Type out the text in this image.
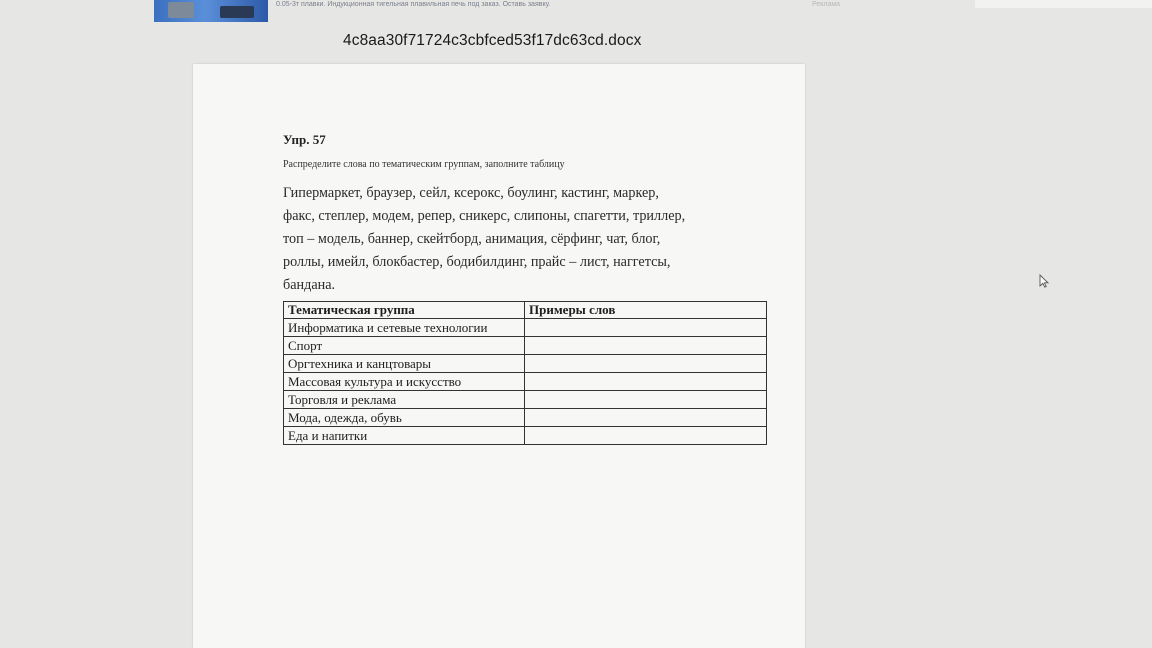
0.05-3т плавки. Индукционная тигельная плавильная печь под заказ. Оставь заявку.	Реклама
4c8aa30f71724c3cbfced53f17dc63cd.docx
Упр. 57
Распределите слова по тематическим группам, заполните таблицу
Гипермаркет, браузер, сейл, ксерокс, боулинг, кастинг, маркер,
факс, степлер, модем, репер, сникерс, слипоны, спагетти, триллер,
топ – модель, баннер, скейтборд, анимация, сёрфинг, чат, блог,
роллы, имейл, блокбастер, бодибилдинг, прайс – лист, наггетсы,
бандана.
Тематическая группа	Примеры слов
Информатика и сетевые технологии	
Спорт	
Оргтехника и канцтовары	
Массовая культура и искусство	
Торговля и реклама	
Мода, одежда, обувь	
Еда и напитки	
